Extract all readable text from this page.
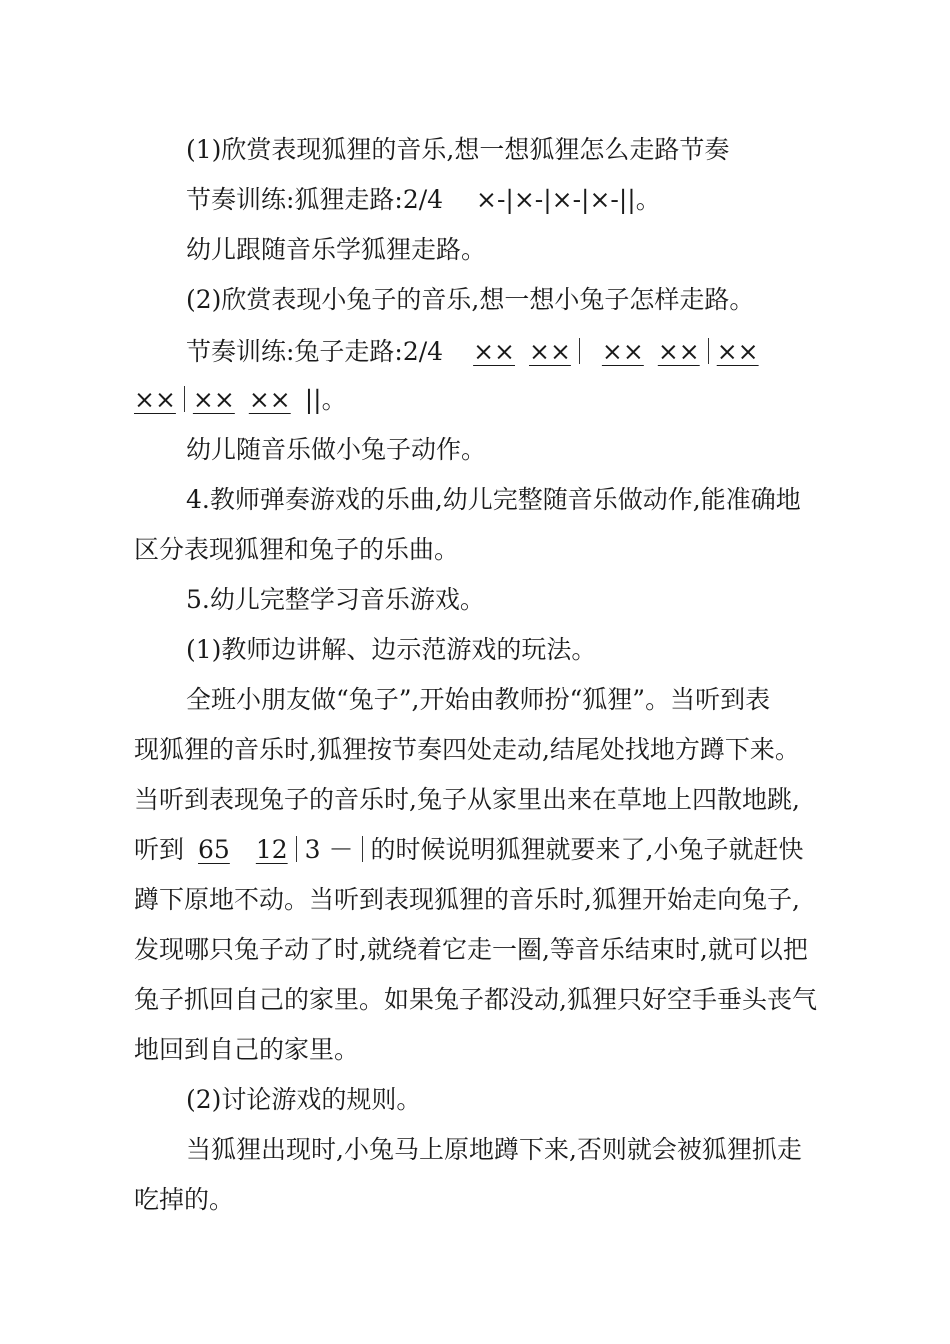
(1)欣赏表现狐狸的音乐,想一想狐狸怎么走路节奏
节奏训练:狐狸走路:2/4　 ×-|×-|×-|×-||。
幼儿跟随音乐学狐狸走路。
(2)欣赏表现小兔子的音乐,想一想小兔子怎样走路。
节奏训练:兔子走路:2/4 ×× ×× ×× ×× ××
×× ×× ×× ||。
幼儿随音乐做小兔子动作。
4.教师弹奏游戏的乐曲,幼儿完整随音乐做动作,能准确地
区分表现狐狸和兔子的乐曲。
5.幼儿完整学习音乐游戏。
(1)教师边讲解、边示范游戏的玩法。
全班小朋友做“兔子”,开始由教师扮“狐狸”。当听到表
现狐狸的音乐时,狐狸按节奏四处走动,结尾处找地方蹲下来。
当听到表现兔子的音乐时,兔子从家里出来在草地上四散地跳,
听到 65 12 3 － 的时候说明狐狸就要来了,小兔子就赶快
蹲下原地不动。当听到表现狐狸的音乐时,狐狸开始走向兔子,
发现哪只兔子动了时,就绕着它走一圈,等音乐结束时,就可以把
兔子抓回自己的家里。如果兔子都没动,狐狸只好空手垂头丧气
地回到自己的家里。
(2)讨论游戏的规则。
当狐狸出现时,小兔马上原地蹲下来,否则就会被狐狸抓走
吃掉的。
